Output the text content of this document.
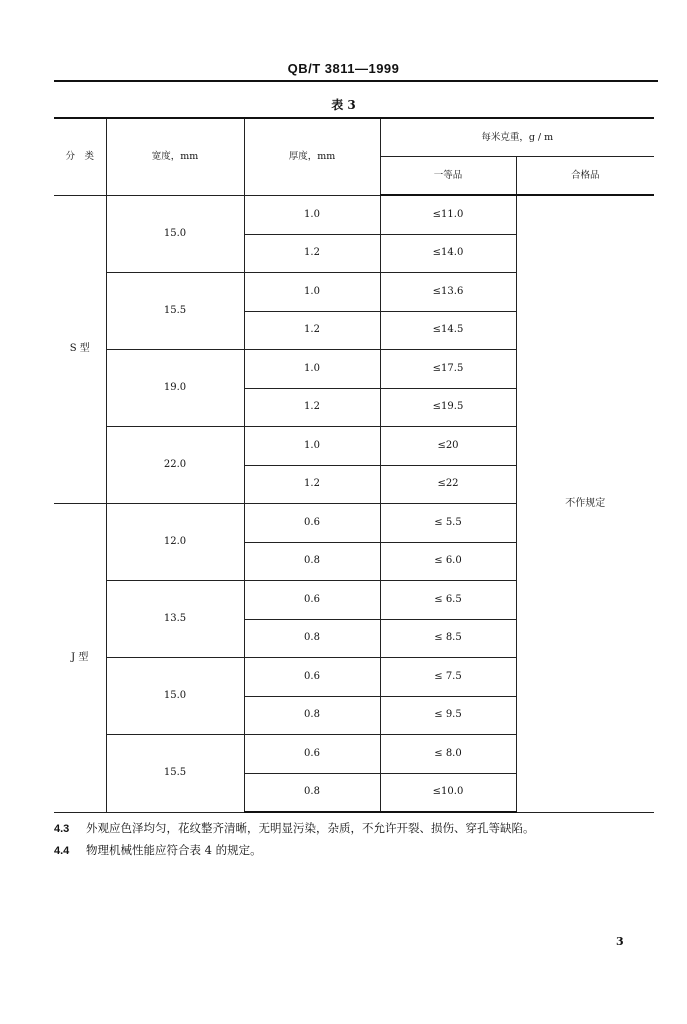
QB/T 3811—1999
表 3
分　类	宽度，mm	厚度，mm	每米克重，g / m	
			一等品	合格品
S 型	15.0	1.0	≤11.0	不作规定
		1.2	≤14.0	
	15.5	1.0	≤13.6	
		1.2	≤14.5	
	19.0	1.0	≤17.5	
		1.2	≤19.5	
	22.0	1.0	≤20	
		1.2	≤22	
J 型	12.0	0.6	≤ 5.5	
		0.8	≤ 6.0	
	13.5	0.6	≤ 6.5	
		0.8	≤ 8.5	
	15.0	0.6	≤ 7.5	
		0.8	≤ 9.5	
	15.5	0.6	≤ 8.0	
		0.8	≤10.0	
4.3 外观应色泽均匀，花纹整齐清晰，无明显污染，杂质，不允许开裂、损伤、穿孔等缺陷。
4.4 物理机械性能应符合表 4 的规定。
3
